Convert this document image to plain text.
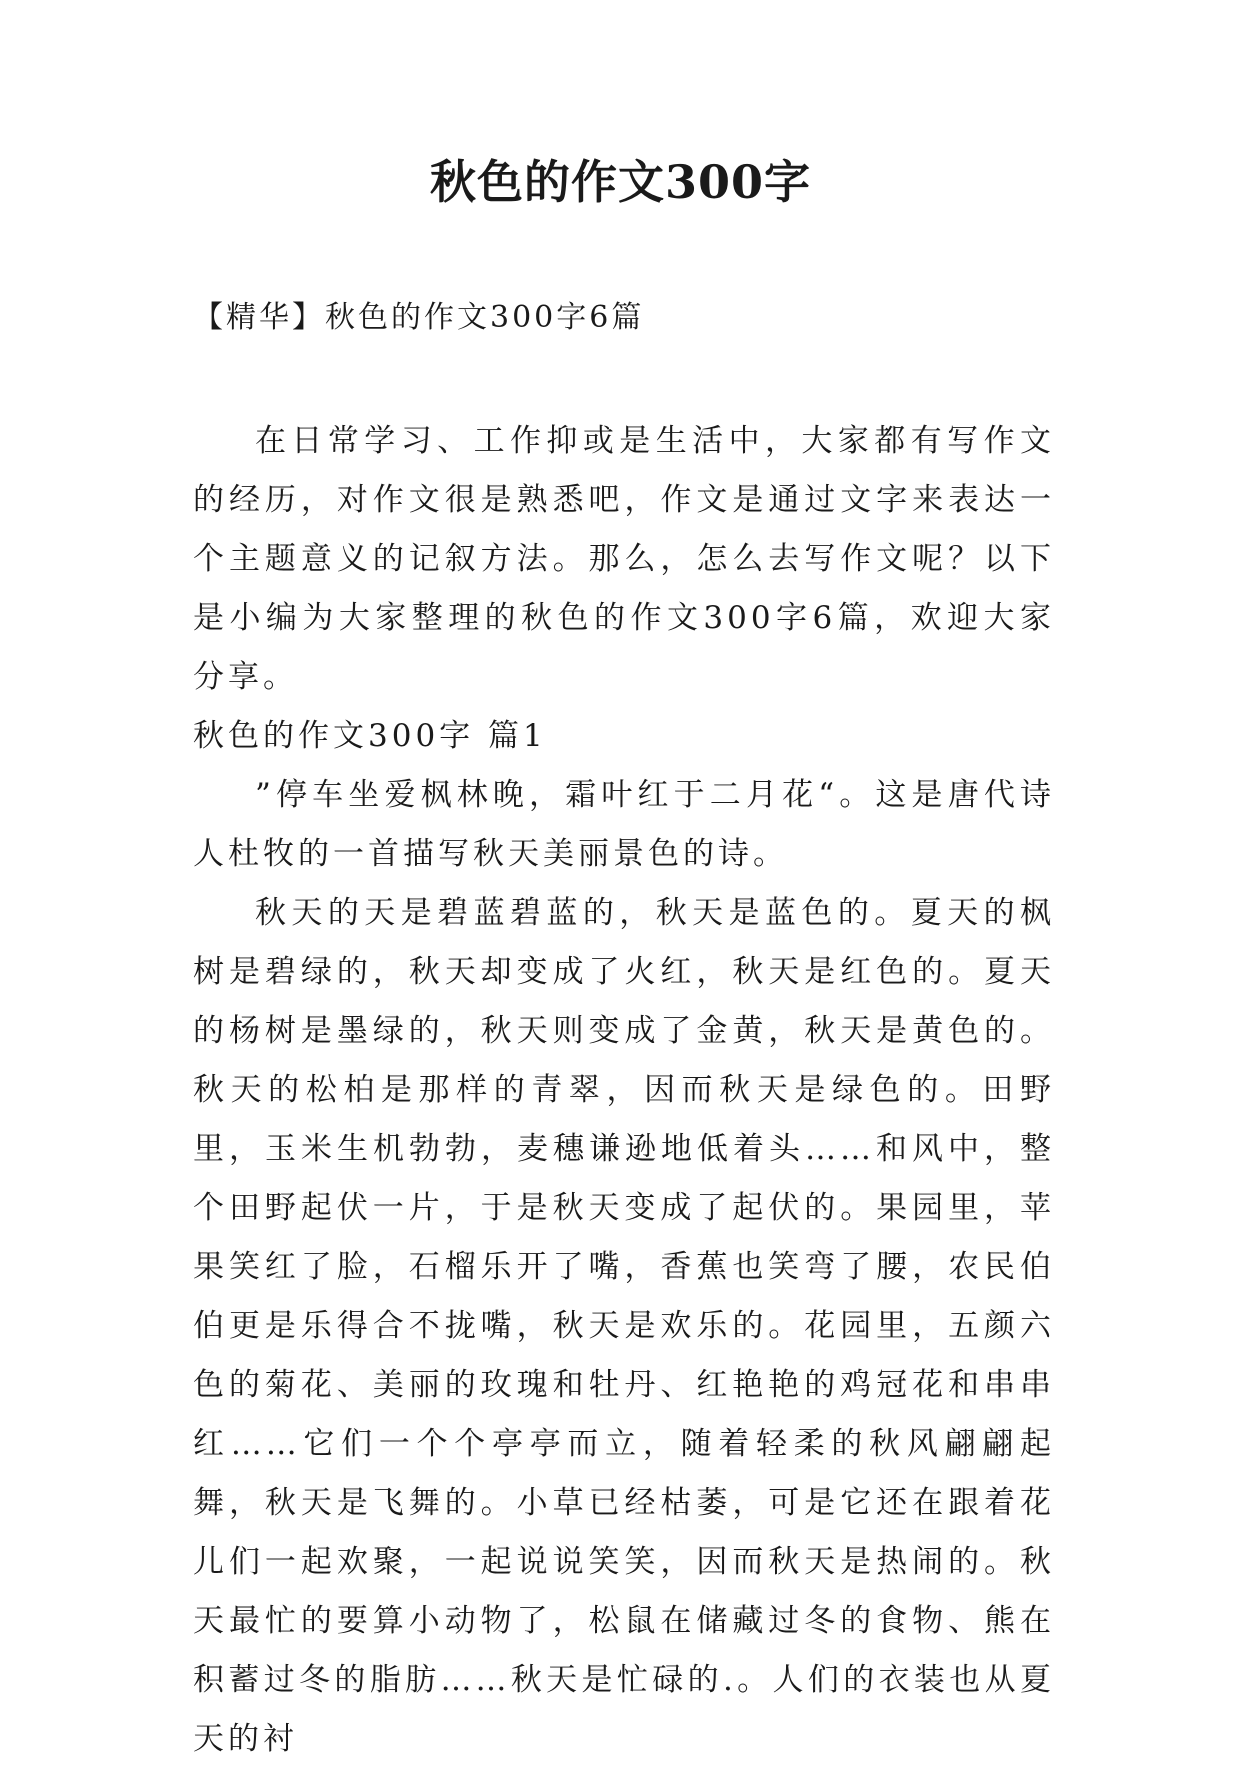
秋色的作文300字
【精华】秋色的作文300字6篇

在日常学习、工作抑或是生活中，大家都有写作文的经历，对作文很是熟悉吧，作文是通过文字来表达一个主题意义的记叙方法。那么，怎么去写作文呢？以下是小编为大家整理的秋色的作文300字6篇，欢迎大家分享。

秋色的作文300字 篇1

”停车坐爱枫林晚，霜叶红于二月花“。这是唐代诗人杜牧的一首描写秋天美丽景色的诗。

秋天的天是碧蓝碧蓝的，秋天是蓝色的。夏天的枫树是碧绿的，秋天却变成了火红，秋天是红色的。夏天的杨树是墨绿的，秋天则变成了金黄，秋天是黄色的。秋天的松柏是那样的青翠，因而秋天是绿色的。田野里，玉米生机勃勃，麦穗谦逊地低着头……和风中，整个田野起伏一片，于是秋天变成了起伏的。果园里，苹果笑红了脸，石榴乐开了嘴，香蕉也笑弯了腰，农民伯伯更是乐得合不拢嘴，秋天是欢乐的。花园里，五颜六色的菊花、美丽的玫瑰和牡丹、红艳艳的鸡冠花和串串红……它们一个个亭亭而立，随着轻柔的秋风翩翩起舞，秋天是飞舞的。小草已经枯萎，可是它还在跟着花儿们一起欢聚，一起说说笑笑，因而秋天是热闹的。秋天最忙的要算小动物了，松鼠在储藏过冬的食物、熊在积蓄过冬的脂肪……秋天是忙碌的.。人们的衣装也从夏天的衬
